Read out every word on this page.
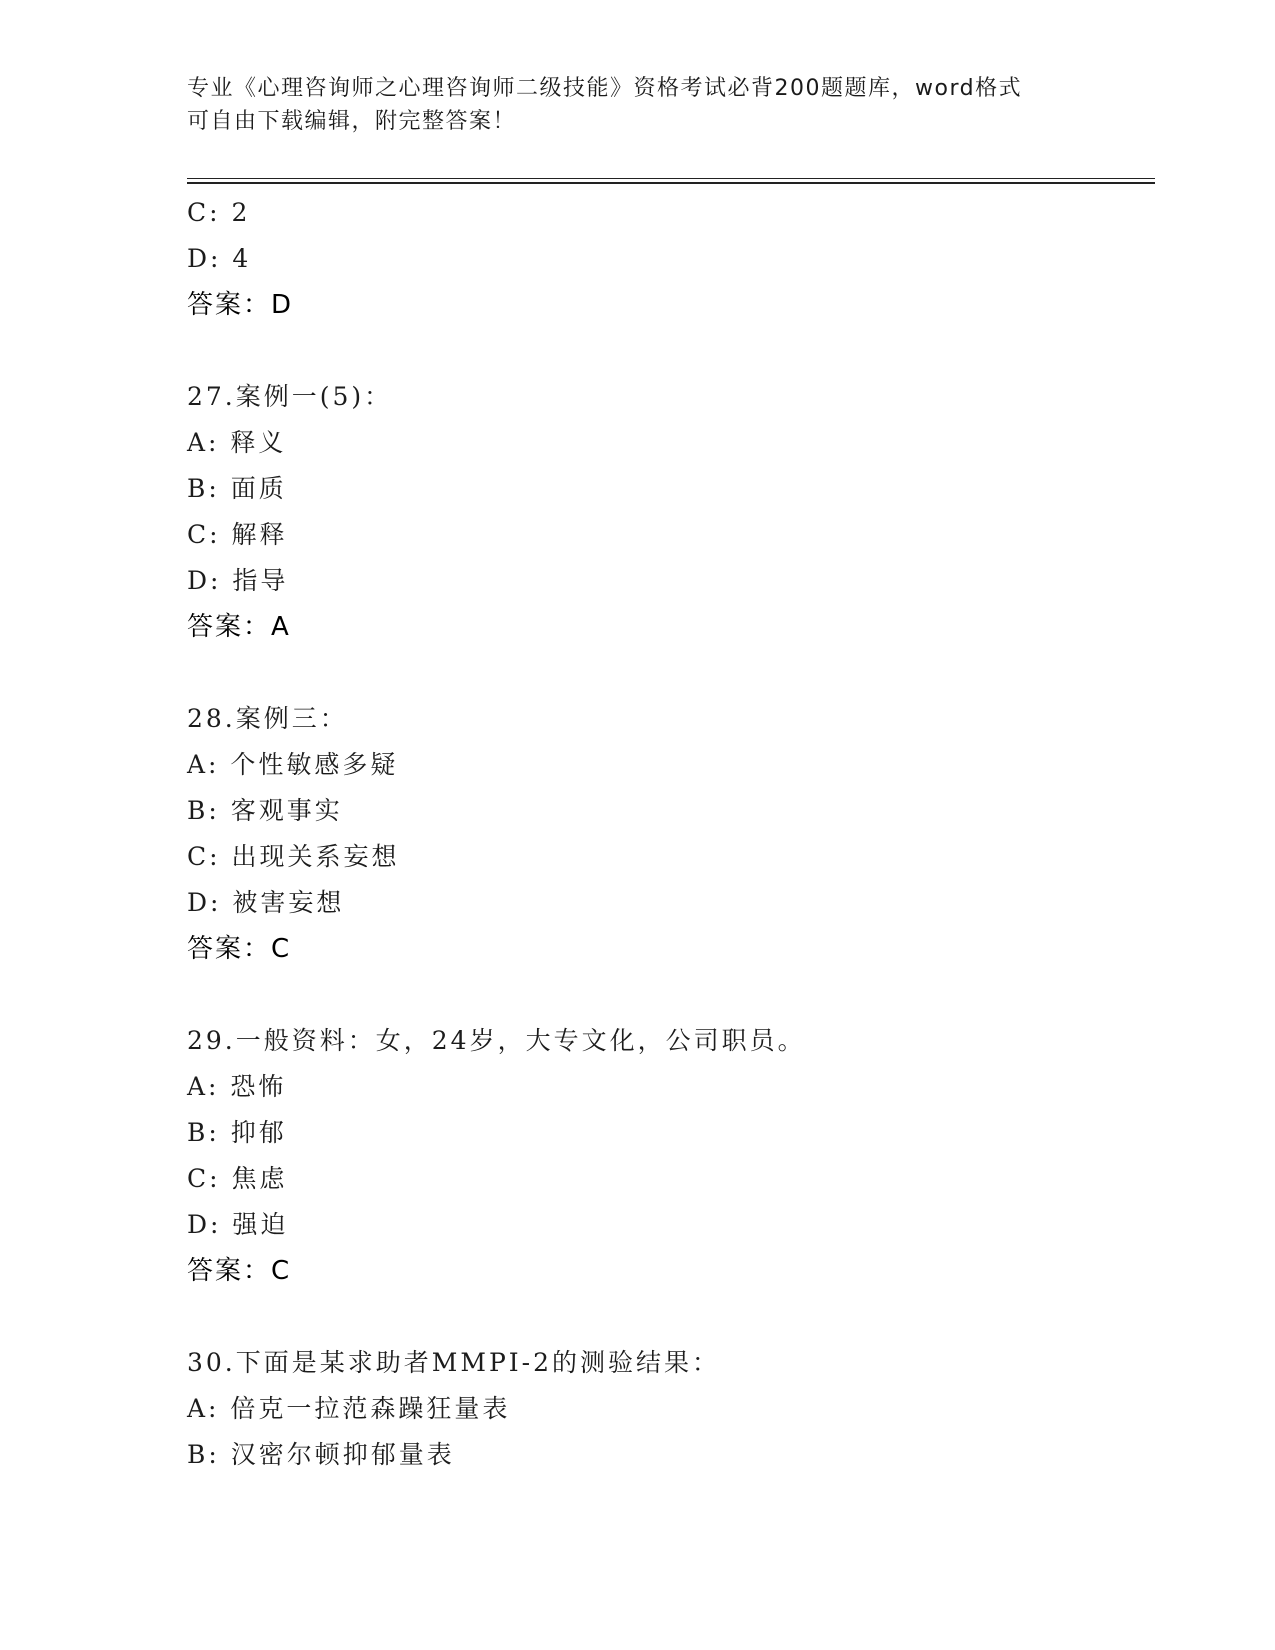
专业《心理咨询师之心理咨询师二级技能》资格考试必背200题题库，word格式
可自由下载编辑，附完整答案！
C: 2
D: 4
答案：D
27.案例一(5)：
A: 释义
B: 面质
C: 解释
D: 指导
答案：A
28.案例三：
A: 个性敏感多疑
B: 客观事实
C: 出现关系妄想
D: 被害妄想
答案：C
29.一般资料：女，24岁，大专文化，公司职员。
A: 恐怖
B: 抑郁
C: 焦虑
D: 强迫
答案：C
30.下面是某求助者MMPI-2的测验结果：
A: 倍克一拉范森躁狂量表
B: 汉密尔顿抑郁量表
